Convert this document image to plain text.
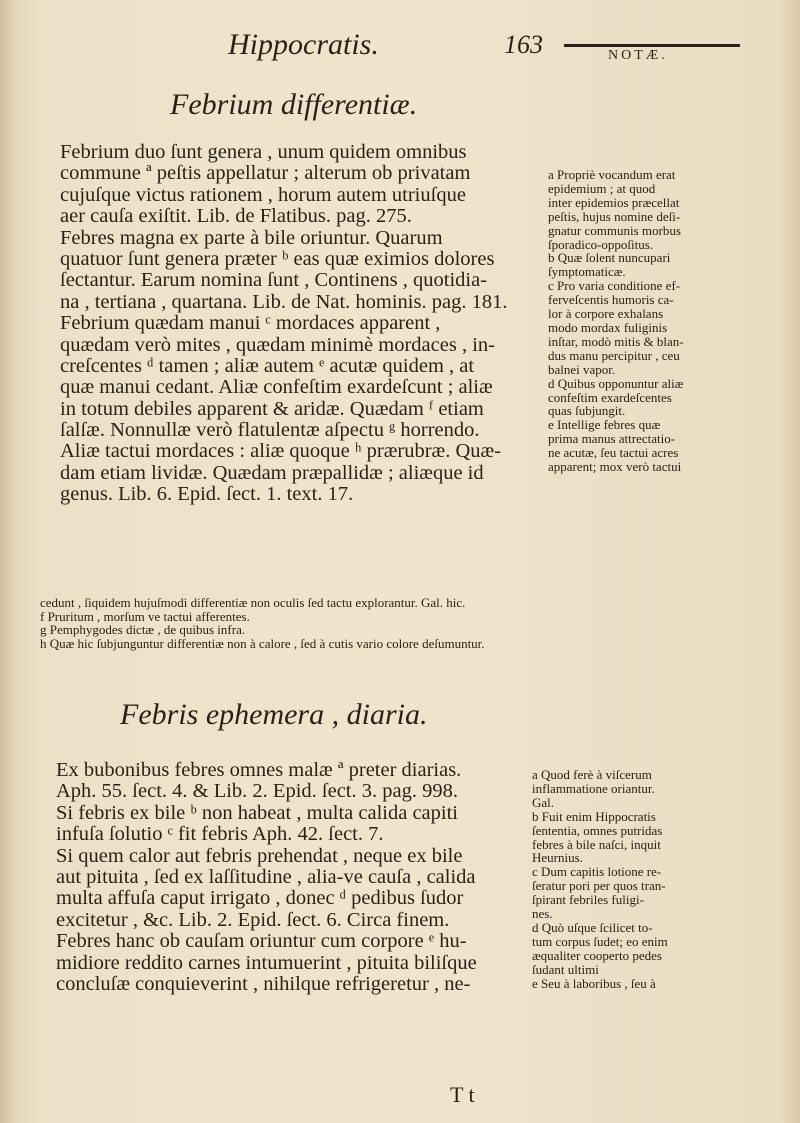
Hippocratis.	163	NOTÆ.
Febrium differentiæ.
Febrium duo ſunt genera , unum quidem omnibus
commune ª peſtis appellatur ; alterum ob privatam
cujuſque victus rationem , horum autem utriuſque
aer cauſa exiſtit. Lib. de Flatibus. pag. 275.
Febres magna ex parte à bile oriuntur. Quarum
quatuor ſunt genera præter ᵇ eas quæ eximios dolores
ſectantur. Earum nomina ſunt , Continens , quotidia-
na , tertiana , quartana. Lib. de Nat. hominis. pag. 181.
Febrium quædam manui ᶜ mordaces apparent ,
quædam verò mites , quædam minimè mordaces , in-
creſcentes ᵈ tamen ; aliæ autem ᵉ acutæ quidem , at
quæ manui cedant. Aliæ confeſtim exardeſcunt ; aliæ
in totum debiles apparent & aridæ. Quædam ᶠ etiam
ſalſæ. Nonnullæ verò flatulentæ aſpectu ᵍ horrendo.
Aliæ tactui mordaces : aliæ quoque ʰ prærubræ. Quæ-
dam etiam lividæ. Quædam præpallidæ ; aliæque id
genus. Lib. 6. Epid. ſect. 1. text. 17.
a Propriè vocandum erat
epidemium ; at quod
inter epidemios præcellat
peſtis, hujus nomine deſi-
gnatur communis morbus
ſporadico-oppoſitus.
b Quæ ſolent nuncupari
ſymptomaticæ.
c Pro varia conditione ef-
ferveſcentis humoris ca-
lor à corpore exhalans
modo mordax fuliginis
inſtar, modò mitis & blan-
dus manu percipitur , ceu
balnei vapor.
d Quibus opponuntur aliæ
confeſtim exardeſcentes
quas ſubjungit.
e Intellige febres quæ
prima manus attrectatio-
ne acutæ, ſeu tactui acres
apparent; mox verò tactui
cedunt , ſiquidem hujuſmodi differentiæ non oculis ſed tactu explorantur. Gal. hic.
f Pruritum , morſum ve tactui afferentes.
g Pemphygodes dictæ , de quibus infra.
h Quæ hic ſubjunguntur differentiæ non à calore , ſed à cutis vario colore deſumuntur.
Febris ephemera , diaria.
Ex bubonibus febres omnes malæ ª preter diarias.
Aph. 55. ſect. 4. & Lib. 2. Epid. ſect. 3. pag. 998.
Si febris ex bile ᵇ non habeat , multa calida capiti
infuſa ſolutio ᶜ fit febris Aph. 42. ſect. 7.
Si quem calor aut febris prehendat , neque ex bile
aut pituita , ſed ex laſſitudine , alia-ve cauſa , calida
multa affuſa caput irrigato , donec ᵈ pedibus ſudor
excitetur , &c. Lib. 2. Epid. ſect. 6. Circa finem.
Febres hanc ob cauſam oriuntur cum corpore ᵉ hu-
midiore reddito carnes intumuerint , pituita biliſque
concluſæ conquieverint , nihilque refrigeretur , ne-
a Quod ferè à viſcerum
inflammatione oriantur.
Gal.
b Fuit enim Hippocratis
ſententia, omnes putridas
febres à bile naſci, inquit
Heurnius.
c Dum capitis lotione re-
ſeratur pori per quos tran-
ſpirant febriles fuligi-
nes.
d Quò uſque ſcilicet to-
tum corpus ſudet; eo enim
æqualiter cooperto pedes
ſudant ultimi
e Seu à laboribus , ſeu à
T t
